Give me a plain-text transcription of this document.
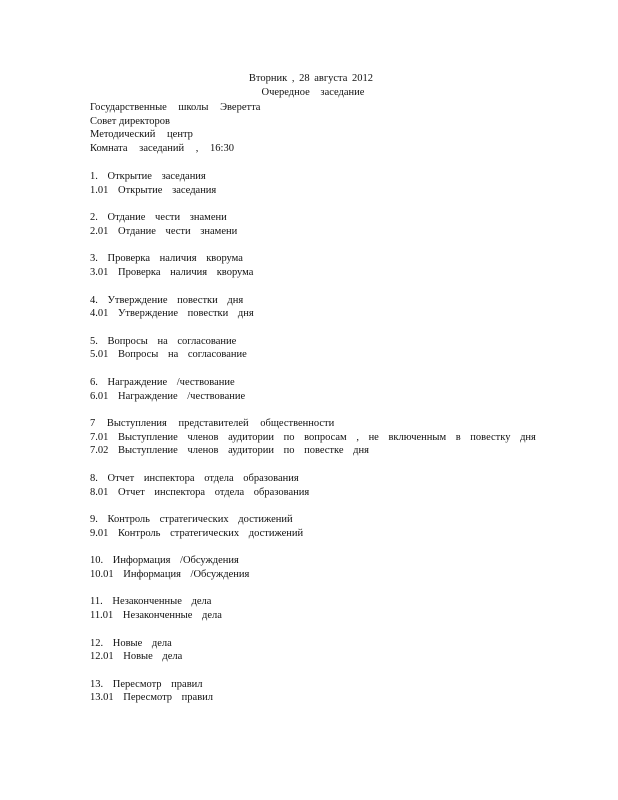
Вторник , 28 августа 2012
Очередное заседание
Государственные школы Эверетта
Совет директоров
Методический центр
Комната заседаний , 16:30
1. Открытие заседания
1.01 Открытие заседания
2. Отдание чести знамени
2.01 Отдание чести знамени
3. Проверка наличия кворума
3.01 Проверка наличия кворума
4. Утверждение повестки дня
4.01 Утверждение повестки дня
5. Вопросы на согласование
5.01 Вопросы на согласование
6. Награждение /чествование
6.01 Награждение /чествование
7 Выступления представителей общественности
7.01 Выступление членов аудитории по вопросам , не включенным в повестку дня
7.02 Выступление членов аудитории по повестке дня
8. Отчет инспектора отдела образования
8.01 Отчет инспектора отдела образования
9. Контроль стратегических достижений
9.01 Контроль стратегических достижений
10. Информация /Обсуждения
10.01 Информация /Обсуждения
11. Незаконченные дела
11.01 Незаконченные дела
12. Новые дела
12.01 Новые дела
13. Пересмотр правил
13.01 Пересмотр правил
